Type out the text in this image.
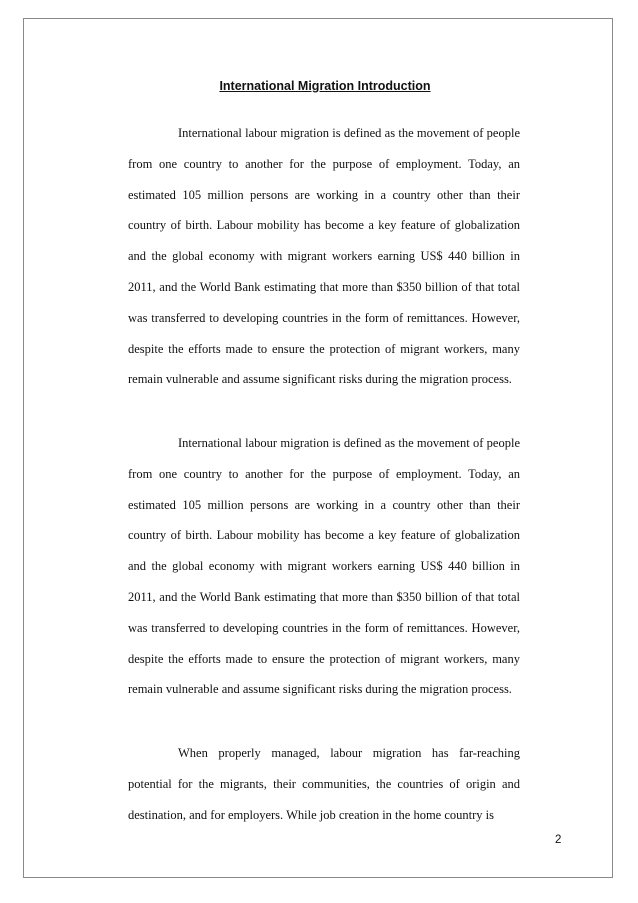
International Migration Introduction

International labour migration is defined as the movement of people from one country to another for the purpose of employment. Today, an estimated 105 million persons are working in a country other than their country of birth. Labour mobility has become a key feature of globalization and the global economy with migrant workers earning US$ 440 billion in 2011, and the World Bank estimating that more than $350 billion of that total was transferred to developing countries in the form of remittances. However, despite the efforts made to ensure the protection of migrant workers, many remain vulnerable and assume significant risks during the migration process.

International labour migration is defined as the movement of people from one country to another for the purpose of employment. Today, an estimated 105 million persons are working in a country other than their country of birth. Labour mobility has become a key feature of globalization and the global economy with migrant workers earning US$ 440 billion in 2011, and the World Bank estimating that more than $350 billion of that total was transferred to developing countries in the form of remittances. However, despite the efforts made to ensure the protection of migrant workers, many remain vulnerable and assume significant risks during the migration process.

When properly managed, labour migration has far-reaching potential for the migrants, their communities, the countries of origin and destination, and for employers. While job creation in the home country is

2
